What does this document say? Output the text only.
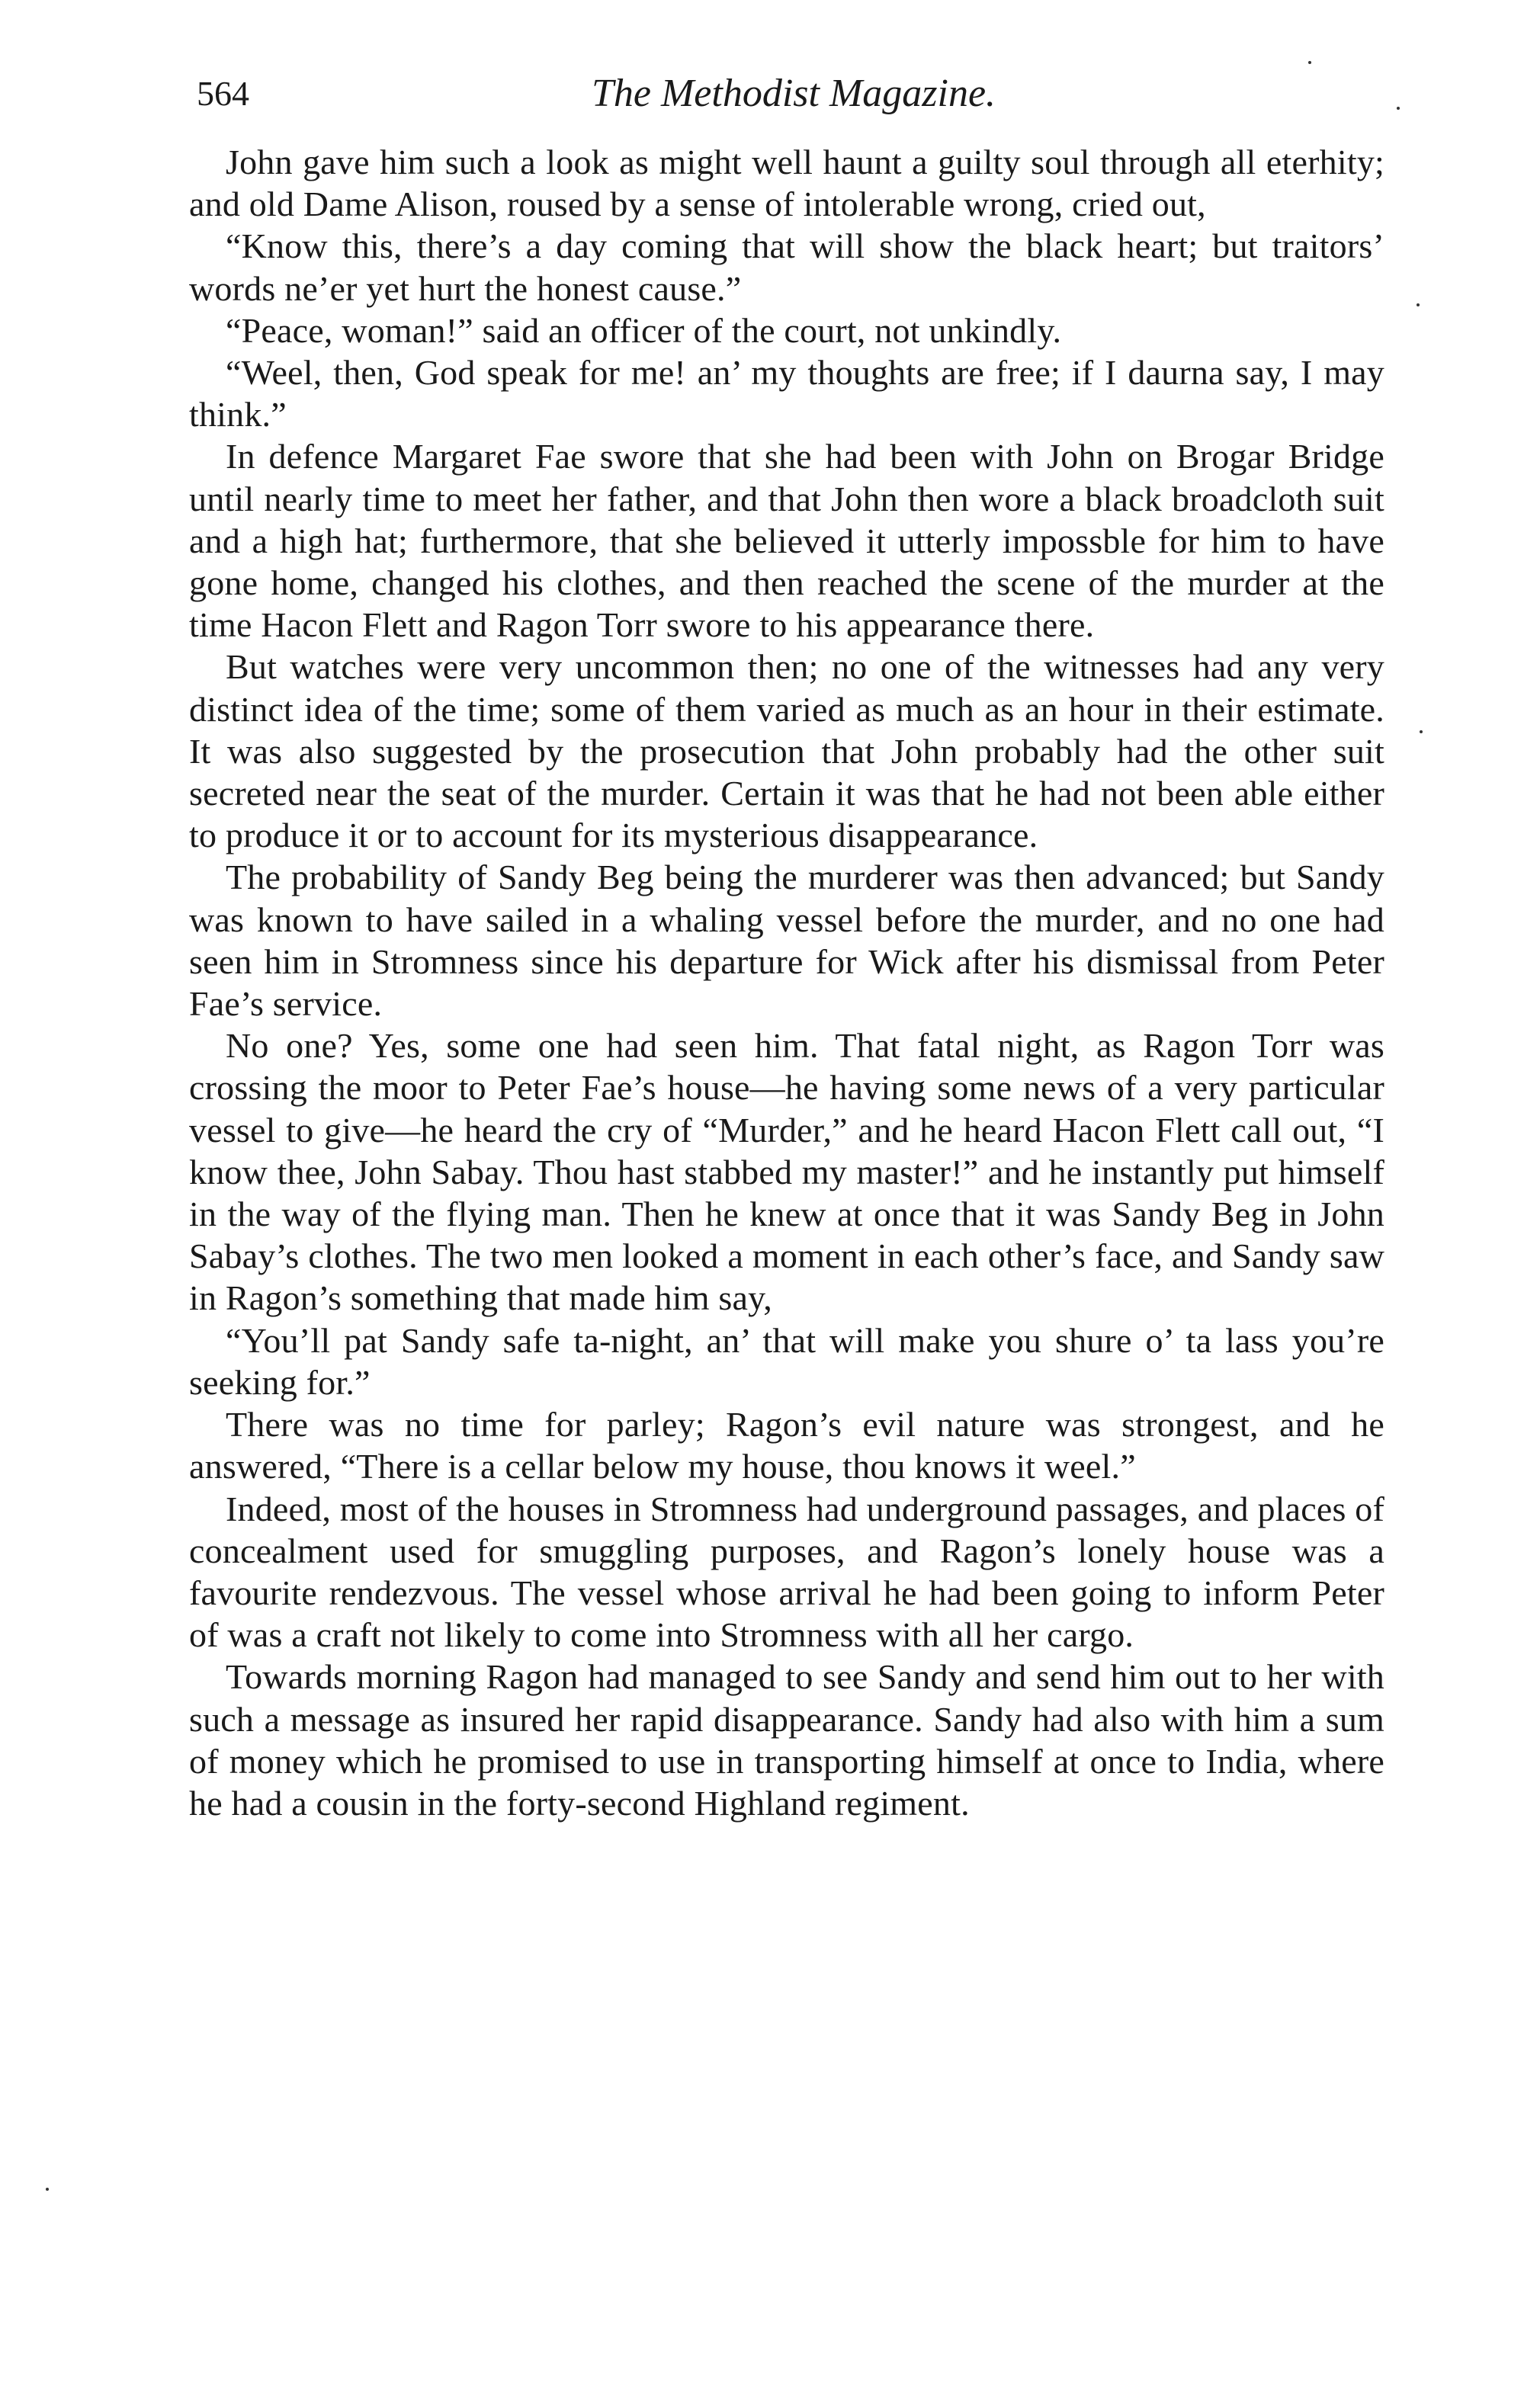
564	The Methodist Magazine.

John gave him such a look as might well haunt a guilty soul through all eterhity; and old Dame Alison, roused by a sense of intolerable wrong, cried out,

“Know this, there’s a day coming that will show the black heart; but traitors’ words ne’er yet hurt the honest cause.”

“Peace, woman!” said an officer of the court, not unkindly.

“Weel, then, God speak for me! an’ my thoughts are free; if I daurna say, I may think.”

In defence Margaret Fae swore that she had been with John on Brogar Bridge until nearly time to meet her father, and that John then wore a black broadcloth suit and a high hat; furthermore, that she believed it utterly impossble for him to have gone home, changed his clothes, and then reached the scene of the murder at the time Hacon Flett and Ragon Torr swore to his appearance there.

But watches were very uncommon then; no one of the witnesses had any very distinct idea of the time; some of them varied as much as an hour in their estimate. It was also suggested by the prosecution that John probably had the other suit secreted near the seat of the murder. Certain it was that he had not been able either to produce it or to account for its mysterious disappearance.

The probability of Sandy Beg being the murderer was then advanced; but Sandy was known to have sailed in a whaling vessel before the murder, and no one had seen him in Stromness since his departure for Wick after his dismissal from Peter Fae’s service.

No one? Yes, some one had seen him. That fatal night, as Ragon Torr was crossing the moor to Peter Fae’s house—he having some news of a very particular vessel to give—he heard the cry of “Murder,” and he heard Hacon Flett call out, “I know thee, John Sabay. Thou hast stabbed my master!” and he instantly put himself in the way of the flying man. Then he knew at once that it was Sandy Beg in John Sabay’s clothes. The two men looked a moment in each other’s face, and Sandy saw in Ragon’s something that made him say,

“You’ll pat Sandy safe ta-night, an’ that will make you shure o’ ta lass you’re seeking for.”

There was no time for parley; Ragon’s evil nature was strongest, and he answered, “There is a cellar below my house, thou knows it weel.”

Indeed, most of the houses in Stromness had underground passages, and places of concealment used for smuggling purposes, and Ragon’s lonely house was a favourite rendezvous. The vessel whose arrival he had been going to inform Peter of was a craft not likely to come into Stromness with all her cargo.

Towards morning Ragon had managed to see Sandy and send him out to her with such a message as insured her rapid disappearance. Sandy had also with him a sum of money which he promised to use in transporting himself at once to India, where he had a cousin in the forty-second Highland regiment.
